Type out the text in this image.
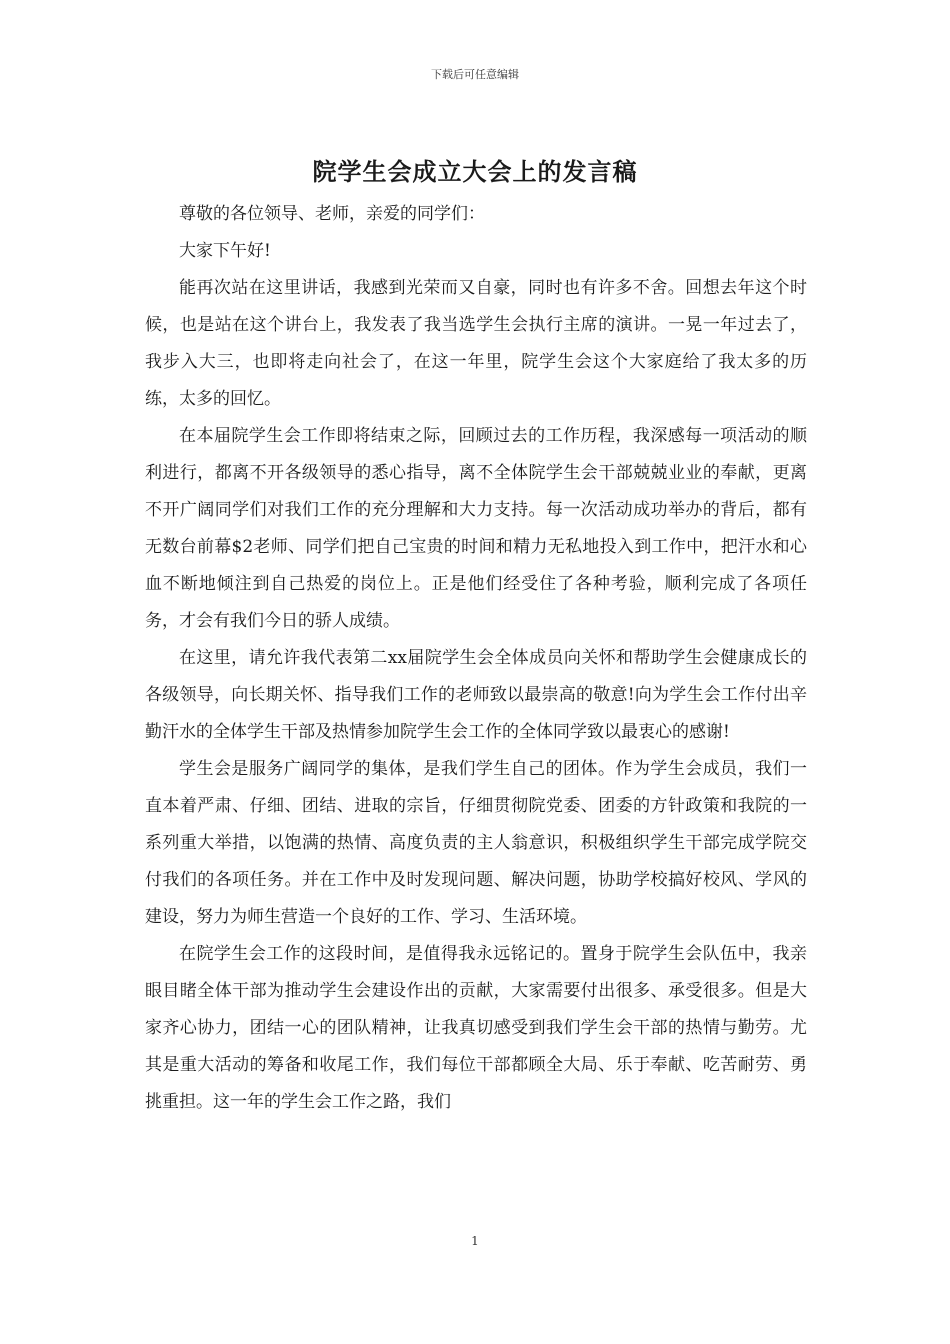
下载后可任意编辑
院学生会成立大会上的发言稿

尊敬的各位领导、老师，亲爱的同学们：

大家下午好!

能再次站在这里讲话，我感到光荣而又自豪，同时也有许多不舍。回想去年这个时候，也是站在这个讲台上，我发表了我当选学生会执行主席的演讲。一晃一年过去了，我步入大三，也即将走向社会了，在这一年里，院学生会这个大家庭给了我太多的历练，太多的回忆。

在本届院学生会工作即将结束之际，回顾过去的工作历程，我深感每一项活动的顺利进行，都离不开各级领导的悉心指导，离不全体院学生会干部兢兢业业的奉献，更离不开广阔同学们对我们工作的充分理解和大力支持。每一次活动成功举办的背后，都有无数台前幕$2老师、同学们把自己宝贵的时间和精力无私地投入到工作中，把汗水和心血不断地倾注到自己热爱的岗位上。正是他们经受住了各种考验，顺利完成了各项任务，才会有我们今日的骄人成绩。

在这里，请允许我代表第二xx届院学生会全体成员向关怀和帮助学生会健康成长的各级领导，向长期关怀、指导我们工作的老师致以最崇高的敬意!向为学生会工作付出辛勤汗水的全体学生干部及热情参加院学生会工作的全体同学致以最衷心的感谢!

学生会是服务广阔同学的集体，是我们学生自己的团体。作为学生会成员，我们一直本着严肃、仔细、团结、进取的宗旨，仔细贯彻院党委、团委的方针政策和我院的一系列重大举措，以饱满的热情、高度负责的主人翁意识，积极组织学生干部完成学院交付我们的各项任务。并在工作中及时发现问题、解决问题，协助学校搞好校风、学风的建设，努力为师生营造一个良好的工作、学习、生活环境。

在院学生会工作的这段时间，是值得我永远铭记的。置身于院学生会队伍中，我亲眼目睹全体干部为推动学生会建设作出的贡献，大家需要付出很多、承受很多。但是大家齐心协力，团结一心的团队精神，让我真切感受到我们学生会干部的热情与勤劳。尤其是重大活动的筹备和收尾工作，我们每位干部都顾全大局、乐于奉献、吃苦耐劳、勇挑重担。这一年的学生会工作之路，我们

1
